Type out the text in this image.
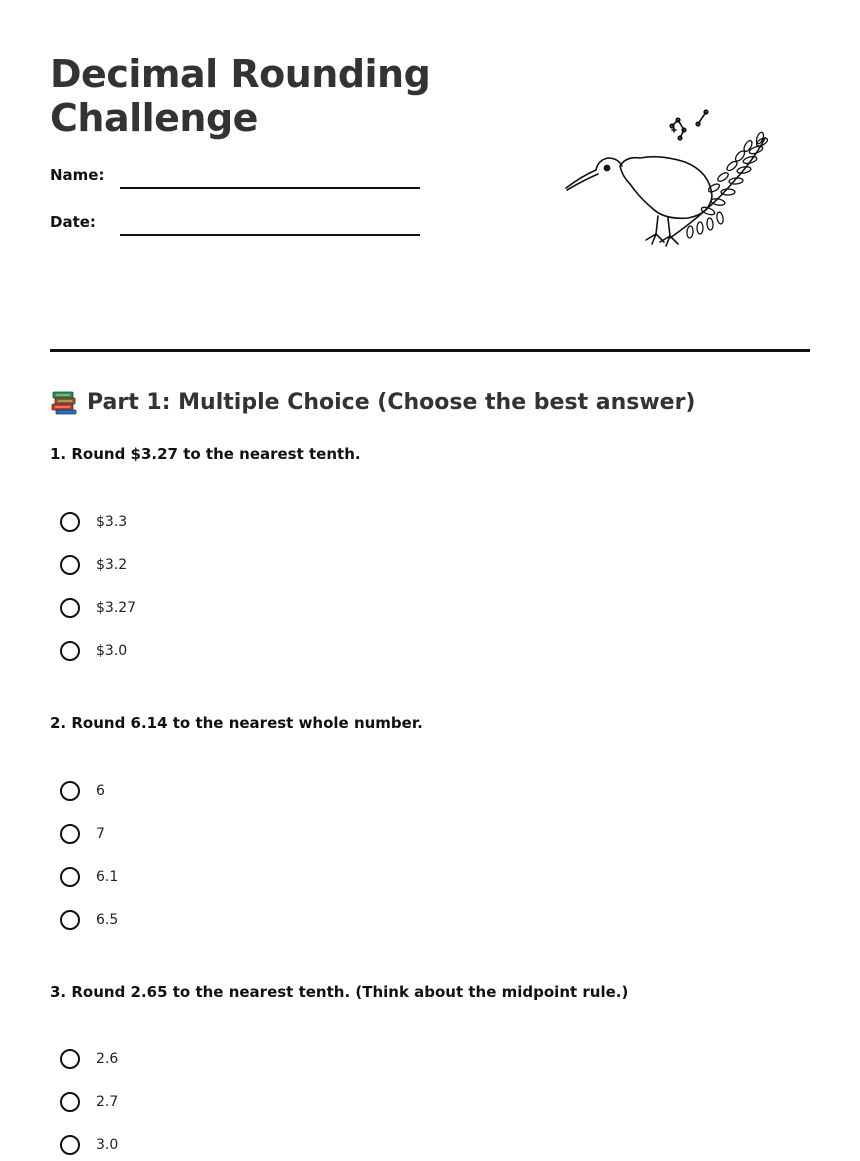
Decimal Rounding Challenge
Name:
Date:
Part 1: Multiple Choice (Choose the best answer)
1. Round $3.27 to the nearest tenth.
$3.3
$3.2
$3.27
$3.0
2. Round 6.14 to the nearest whole number.
6
7
6.1
6.5
3. Round 2.65 to the nearest tenth. (Think about the midpoint rule.)
2.6
2.7
3.0
